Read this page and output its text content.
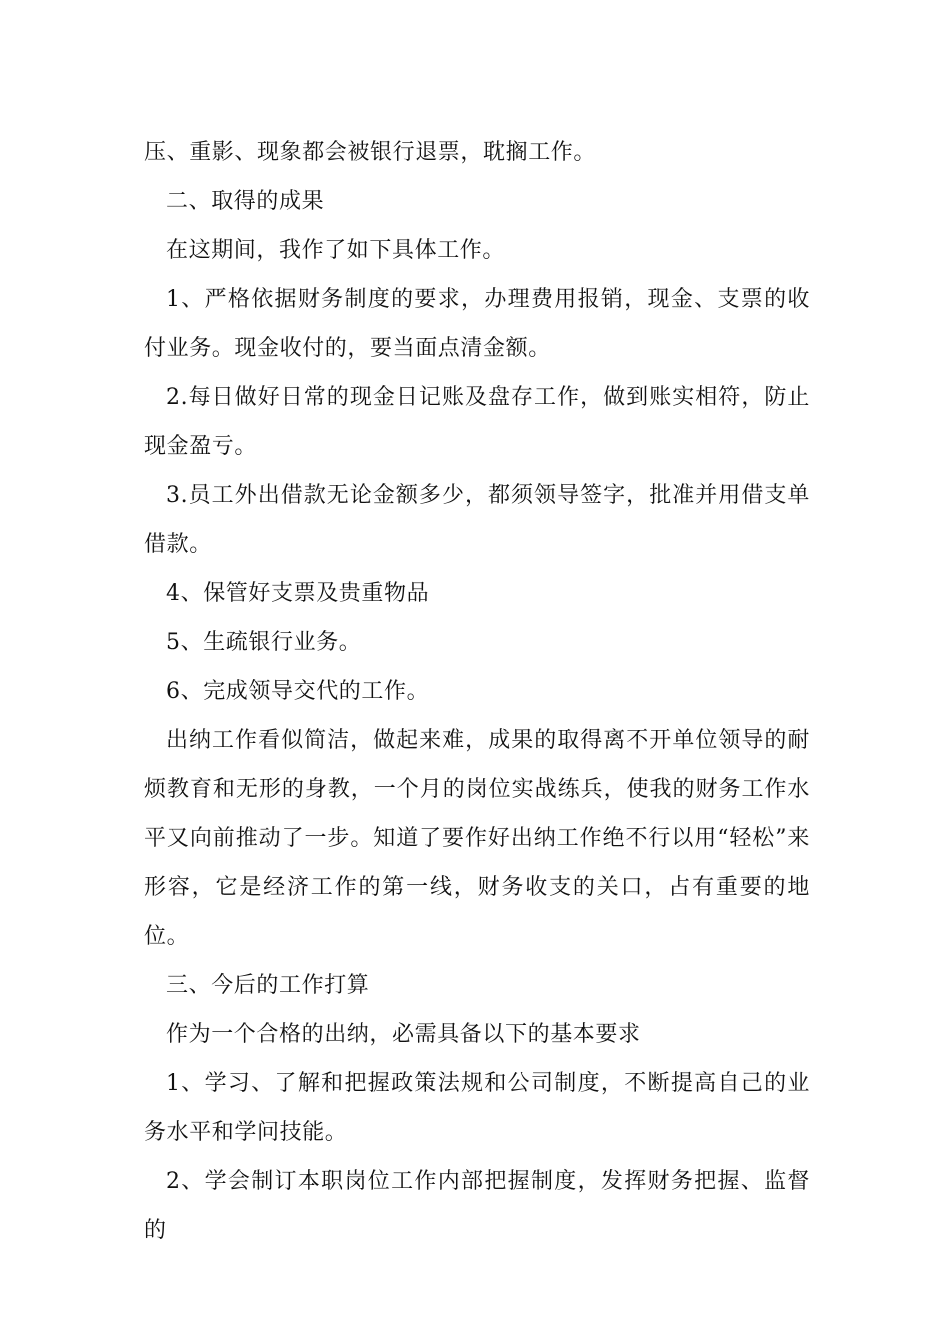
压、重影、现象都会被银行退票，耽搁工作。

二、取得的成果

在这期间，我作了如下具体工作。

1、严格依据财务制度的要求，办理费用报销，现金、支票的收付业务。现金收付的，要当面点清金额。

2.每日做好日常的现金日记账及盘存工作，做到账实相符，防止现金盈亏。

3.员工外出借款无论金额多少，都须领导签字，批准并用借支单借款。

4、保管好支票及贵重物品

5、生疏银行业务。

6、完成领导交代的工作。

出纳工作看似简洁，做起来难，成果的取得离不开单位领导的耐烦教育和无形的身教，一个月的岗位实战练兵，使我的财务工作水平又向前推动了一步。知道了要作好出纳工作绝不行以用“轻松”来形容，它是经济工作的第一线，财务收支的关口，占有重要的地位。

三、今后的工作打算

作为一个合格的出纳，必需具备以下的基本要求

1、学习、了解和把握政策法规和公司制度，不断提高自己的业务水平和学问技能。

2、学会制订本职岗位工作内部把握制度，发挥财务把握、监督的
